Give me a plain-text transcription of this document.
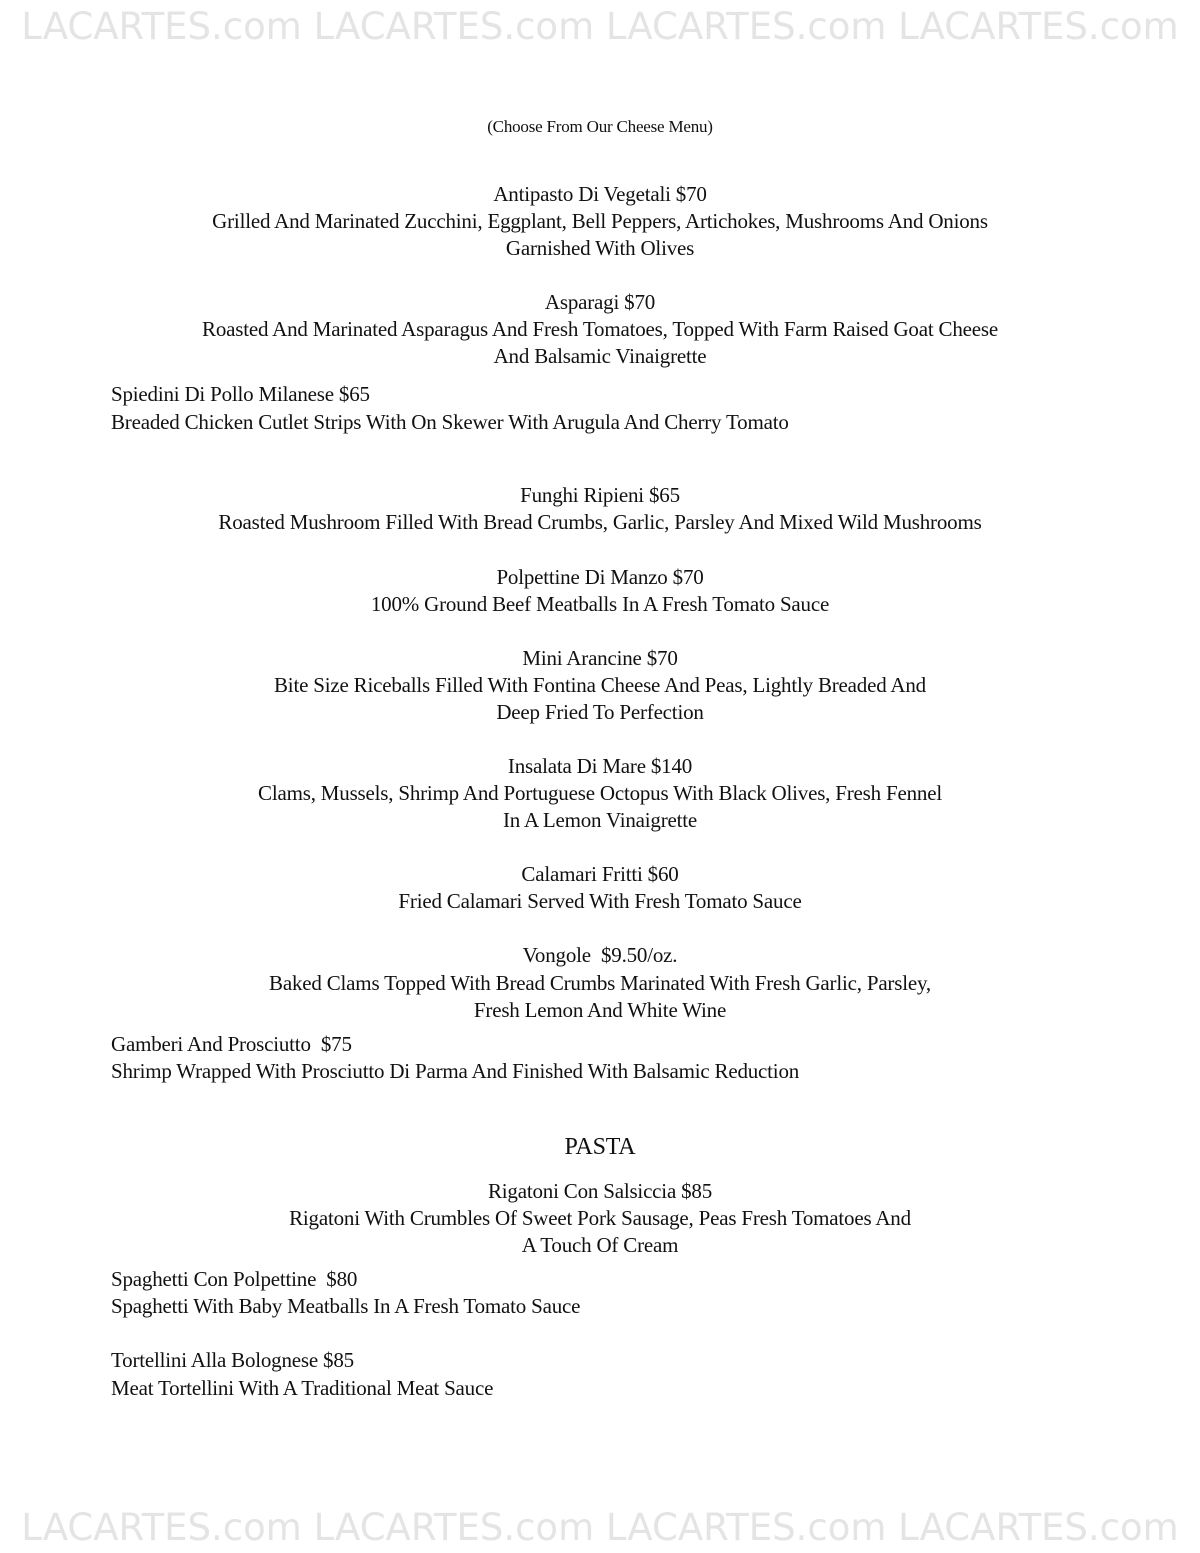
LACARTES.com LACARTES.com LACARTES.com LACARTES.com
LACARTES.com LACARTES.com LACARTES.com LACARTES.com
(Choose From Our Cheese Menu)
Antipasto Di Vegetali $70
Grilled And Marinated Zucchini, Eggplant, Bell Peppers, Artichokes, Mushrooms And Onions
Garnished With Olives
Asparagi $70
Roasted And Marinated Asparagus And Fresh Tomatoes, Topped With Farm Raised Goat Cheese
And Balsamic Vinaigrette
Spiedini Di Pollo Milanese $65
Breaded Chicken Cutlet Strips With On Skewer With Arugula And Cherry Tomato
Funghi Ripieni $65
Roasted Mushroom Filled With Bread Crumbs, Garlic, Parsley And Mixed Wild Mushrooms
Polpettine Di Manzo $70
100% Ground Beef Meatballs In A Fresh Tomato Sauce
Mini Arancine $70
Bite Size Riceballs Filled With Fontina Cheese And Peas, Lightly Breaded And
Deep Fried To Perfection
Insalata Di Mare $140
Clams, Mussels, Shrimp And Portuguese Octopus With Black Olives, Fresh Fennel
In A Lemon Vinaigrette
Calamari Fritti $60
Fried Calamari Served With Fresh Tomato Sauce
Vongole  $9.50/oz.
Baked Clams Topped With Bread Crumbs Marinated With Fresh Garlic, Parsley,
Fresh Lemon And White Wine
Gamberi And Prosciutto  $75
Shrimp Wrapped With Prosciutto Di Parma And Finished With Balsamic Reduction
PASTA
Rigatoni Con Salsiccia $85
Rigatoni With Crumbles Of Sweet Pork Sausage, Peas Fresh Tomatoes And
A Touch Of Cream
Spaghetti Con Polpettine  $80
Spaghetti With Baby Meatballs In A Fresh Tomato Sauce
Tortellini Alla Bolognese $85
Meat Tortellini With A Traditional Meat Sauce
